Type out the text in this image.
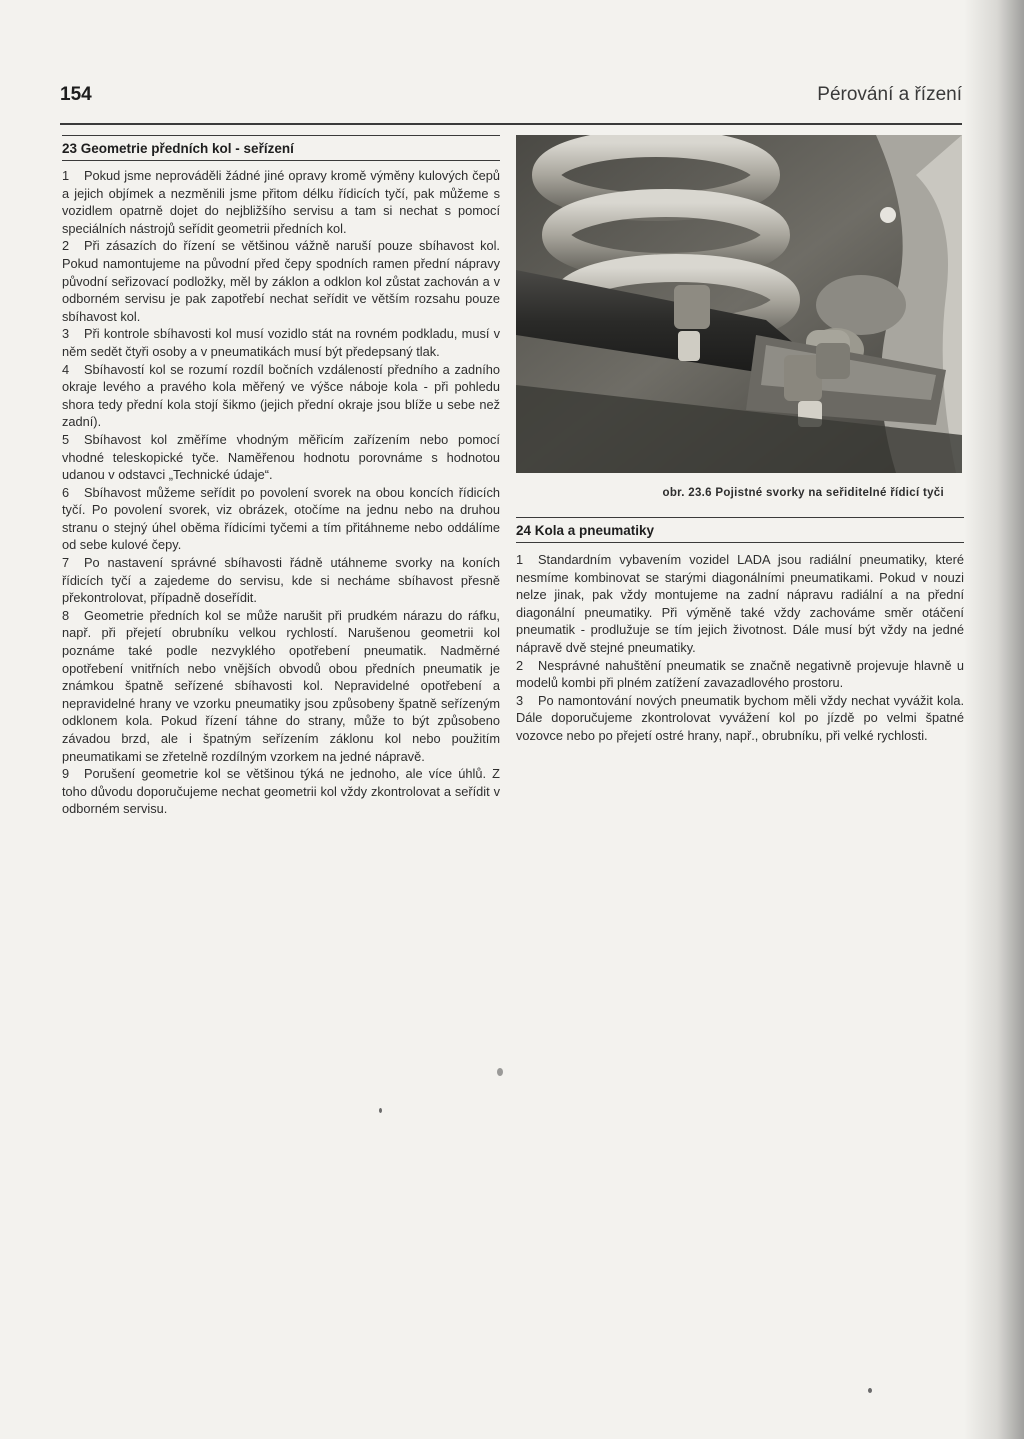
154	Pérování a řízení
23 Geometrie předních kol - seřízení

1 Pokud jsme neprováděli žádné jiné opravy kromě výměny kulových čepů a jejich objímek a nezměnili jsme přitom délku řídicích tyčí, pak můžeme s vozidlem opatrně dojet do nejbližšího servisu a tam si nechat s pomocí speciálních nástrojů seřídit geometrii předních kol.

2 Při zásazích do řízení se většinou vážně naruší pouze sbíhavost kol. Pokud namontujeme na původní před čepy spodních ramen přední nápravy původní seřizovací podložky, měl by záklon a odklon kol zůstat zachován a v odborném servisu je pak zapotřebí nechat seřídit ve větším rozsahu pouze sbíhavost kol.

3 Při kontrole sbíhavosti kol musí vozidlo stát na rovném podkladu, musí v něm sedět čtyři osoby a v pneumatikách musí být předepsaný tlak.

4 Sbíhavostí kol se rozumí rozdíl bočních vzdáleností předního a zadního okraje levého a pravého kola měřený ve výšce náboje kola - při pohledu shora tedy přední kola stojí šikmo (jejich přední okraje jsou blíže u sebe než zadní).

5 Sbíhavost kol změříme vhodným měřicím zařízením nebo pomocí vhodné teleskopické tyče. Naměřenou hodnotu porovnáme s hodnotou udanou v odstavci „Technické údaje“.

6 Sbíhavost můžeme seřídit po povolení svorek na obou koncích řídicích tyčí. Po povolení svorek, viz obrázek, otočíme na jednu nebo na druhou stranu o stejný úhel oběma řídicími tyčemi a tím přitáhneme nebo oddálíme od sebe kulové čepy.

7 Po nastavení správné sbíhavosti řádně utáhneme svorky na koních řídicích tyčí a zajedeme do servisu, kde si necháme sbíhavost přesně překontrolovat, případně doseřídit.

8 Geometrie předních kol se může narušit při prudkém nárazu do ráfku, např. při přejetí obrubníku velkou rychlostí. Narušenou geometrii kol poznáme také podle nezvyklého opotřebení pneumatik. Nadměrné opotřebení vnitřních nebo vnějších obvodů obou předních pneumatik je známkou špatně seřízené sbíhavosti kol. Nepravidelné opotřebení a nepravidelné hrany ve vzorku pneumatiky jsou způsobeny špatně seřízeným odklonem kola. Pokud řízení táhne do strany, může to být způsobeno závadou brzd, ale i špatným seřízením záklonu kol nebo použitím pneumatikami se zřetelně rozdílným vzorkem na jedné nápravě.

9 Porušení geometrie kol se většinou týká ne jednoho, ale více úhlů. Z toho důvodu doporučujeme nechat geometrii kol vždy zkontrolovat a seřídit v odborném servisu.

obr. 23.6 Pojistné svorky na seřiditelné řídicí tyči
24 Kola a pneumatiky

1 Standardním vybavením vozidel LADA jsou radiální pneumatiky, které nesmíme kombinovat se starými diagonálními pneumatikami. Pokud v nouzi nelze jinak, pak vždy montujeme na zadní nápravu radiální a na přední diagonální pneumatiky. Při výměně také vždy zachováme směr otáčení pneumatik - prodlužuje se tím jejich životnost. Dále musí být vždy na jedné nápravě dvě stejné pneumatiky.

2 Nesprávné nahuštění pneumatik se značně negativně projevuje hlavně u modelů kombi při plném zatížení zavazadlového prostoru.

3 Po namontování nových pneumatik bychom měli vždy nechat vyvážit kola. Dále doporučujeme zkontrolovat vyvážení kol po jízdě po velmi špatné vozovce nebo po přejetí ostré hrany, např., obrubníku, při velké rychlosti.
